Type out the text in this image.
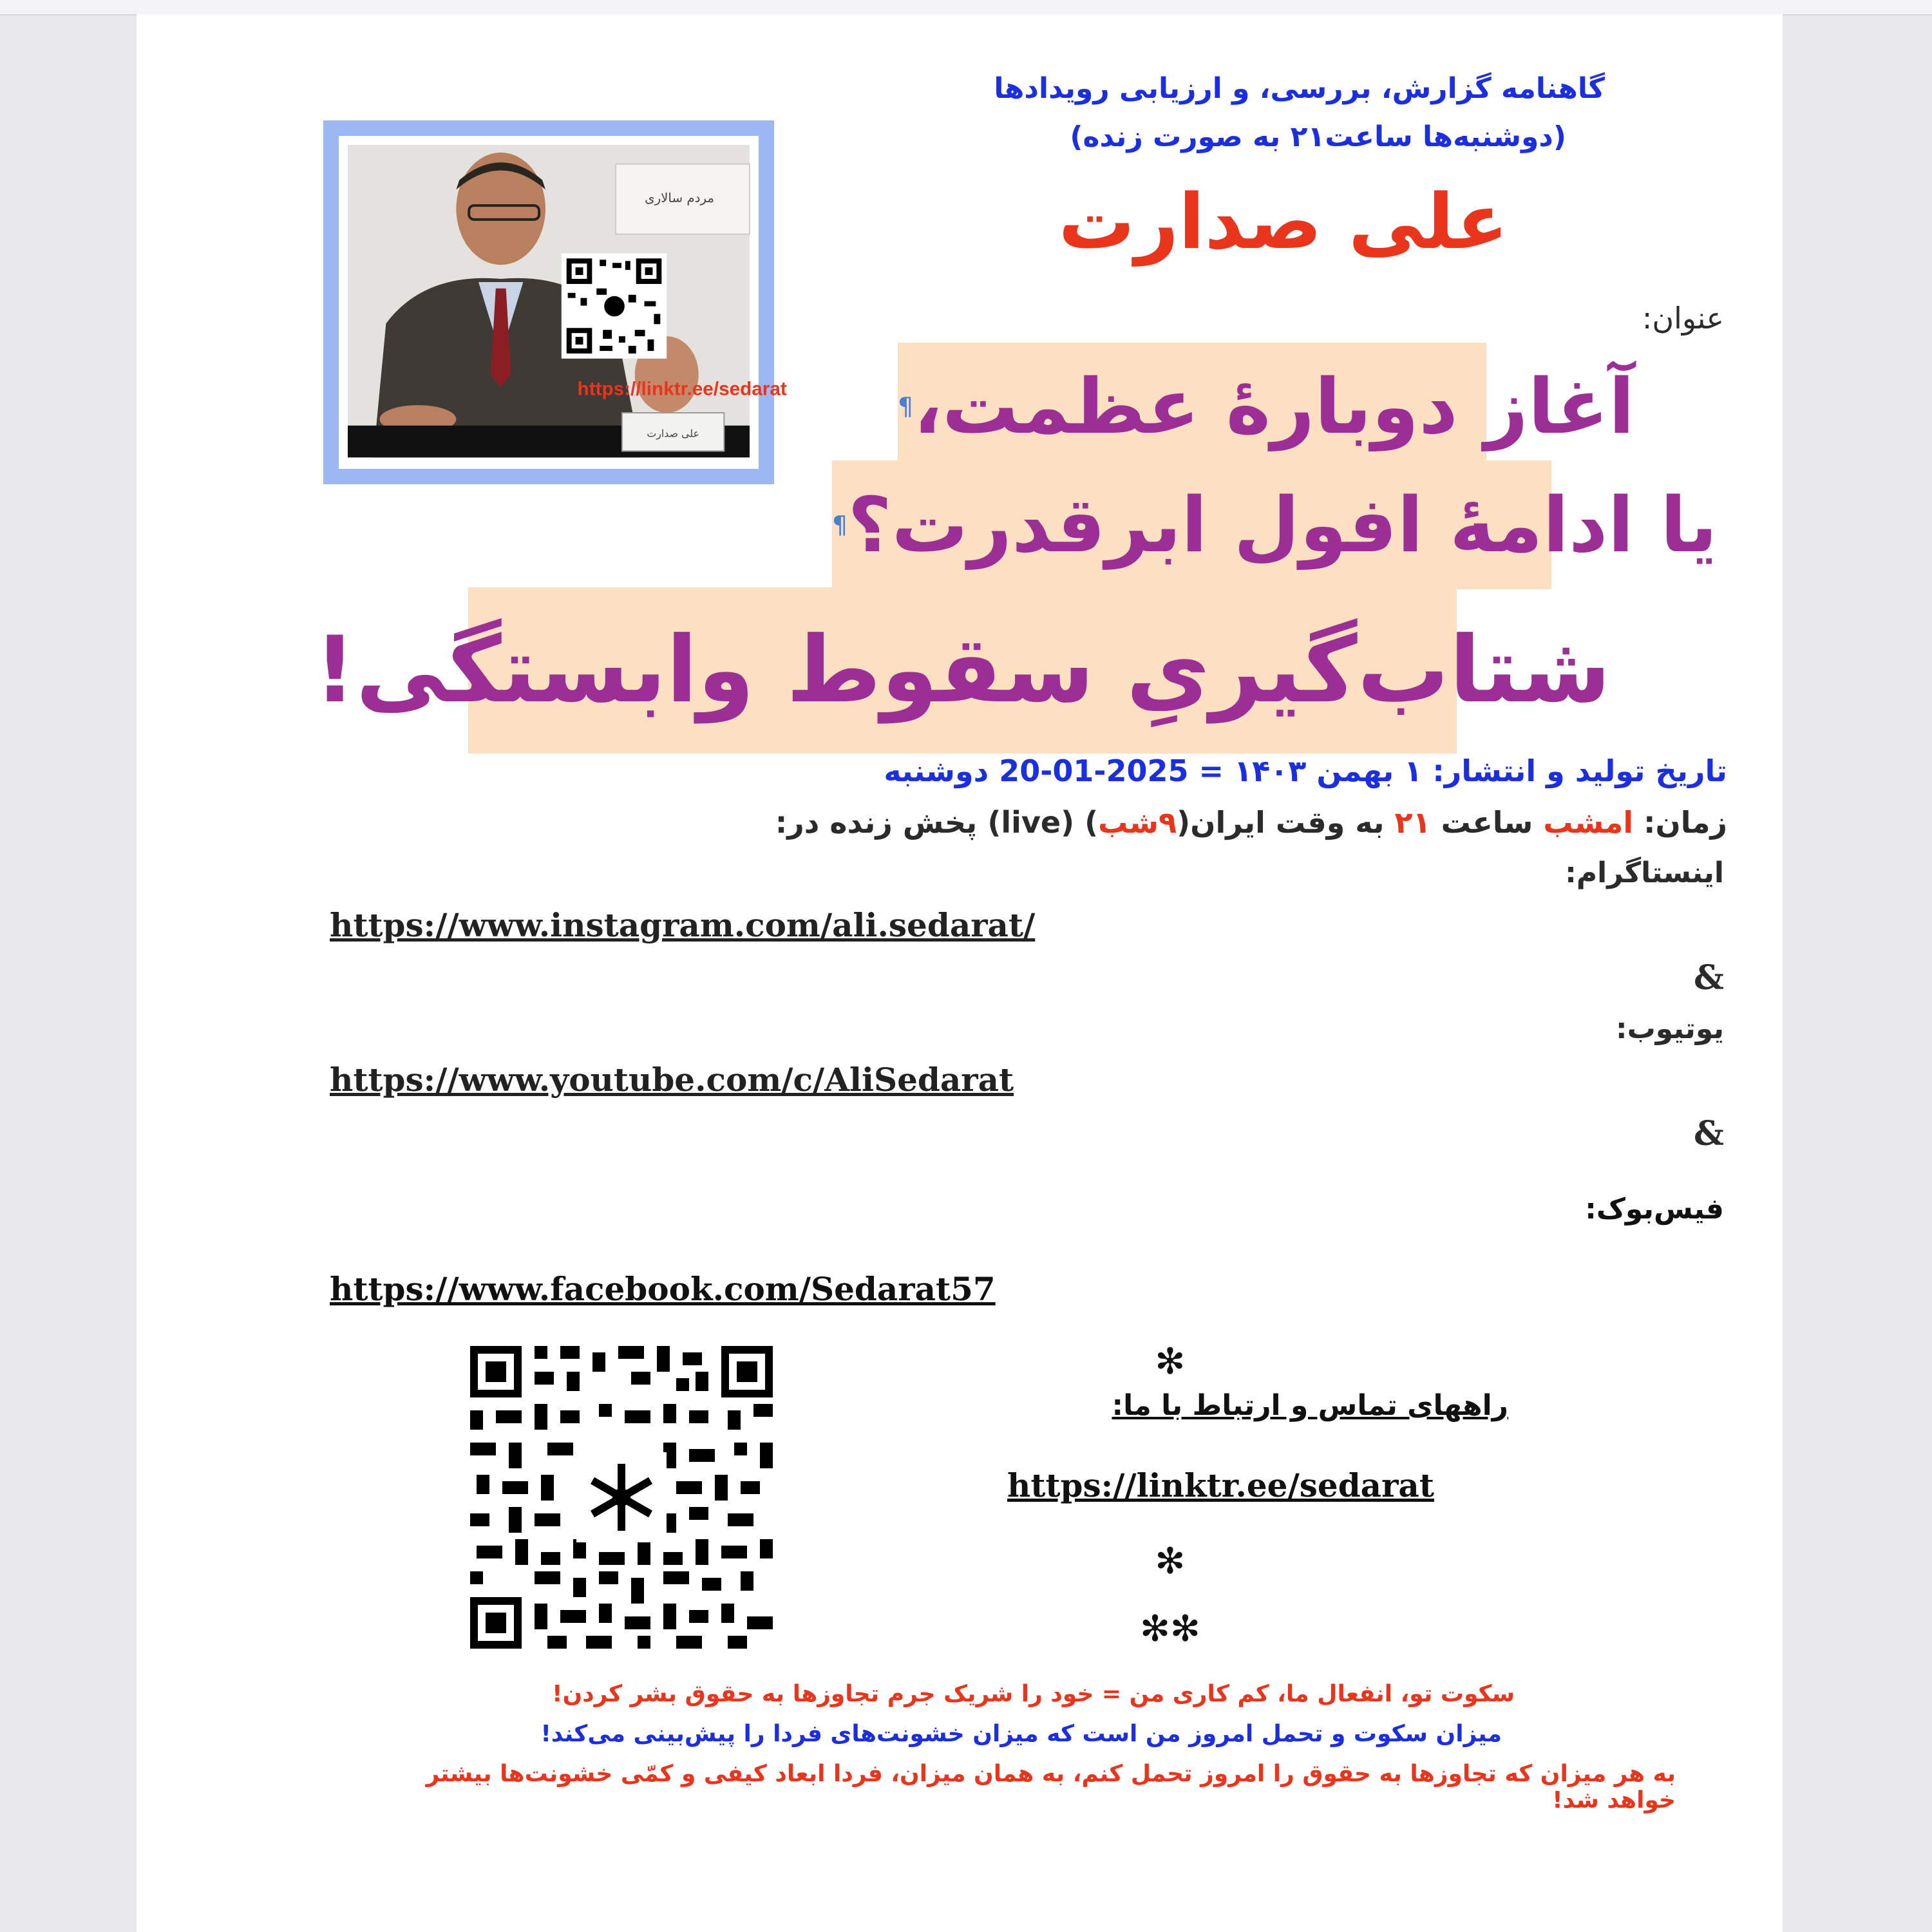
گاهنامه گزارش، بررسی، و ارزیابی رویدادها
(دوشنبه‌ها ساعت۲۱ به صورت زنده)
علی صدارت
https://linktr.ee/sedarat
مردم سالاری
علی صدارت
عنوان:
آغاز دوبارهٔ عظمت،
¶
یا ادامهٔ افول ابرقدرت؟
¶
شتاب‌گیریِ سقوط وابستگی!
تاریخ تولید و انتشار: ۱ بهمن ۱۴۰۳ = 2025-01-20 دوشنبه
زمان: امشب ساعت ۲۱ به وقت ایران(۹شب) (live) پخش زنده در:
اینستاگرام:
https://www.instagram.com/ali.sedarat/
&
یوتیوب:
https://www.youtube.com/c/AliSedarat
&
فیس‌بوک:
https://www.facebook.com/Sedarat57
✻
راههای تماس و ارتباط با ما:
https://linktr.ee/sedarat
✻
✻✻
سکوت تو، انفعال ما، کم کاری من = خود را شریک جرم تجاوزها به حقوق بشر کردن!
میزان سکوت و تحمل امروز من است که میزان خشونت‌های فردا را پیش‌بینی می‌کند!
به هر میزان که تجاوزها به حقوق را امروز تحمل کنم، به همان میزان، فردا ابعاد کیفی و کمّی خشونت‌ها بیشتر خواهد شد!
